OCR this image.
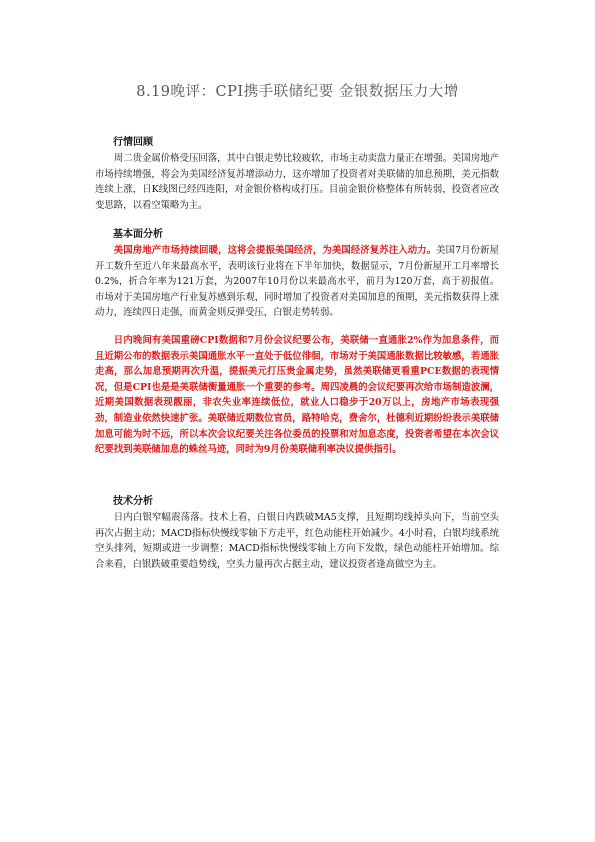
8.19晚评：CPI携手联储纪要 金银数据压力大增
行情回顾

周二贵金属价格受压回落，其中白银走势比较疲软，市场主动卖盘力量正在增强。美国房地产市场持续增强，将会为美国经济复苏增添动力，这亦增加了投资者对美联储的加息预期，美元指数连续上涨，日K线图已经四连阳，对金银价格构成打压。目前金银价格整体有所转弱，投资者应改变思路，以看空策略为主。

基本面分析

美国房地产市场持续回暖，这将会提振美国经济，为美国经济复苏注入动力。美国7月份新屋开工数升至近八年来最高水平，表明该行业将在下半年加快，数据显示，7月份新屋开工月率增长0.2%，折合年率为121万套，为2007年10月份以来最高水平，前月为120万套，高于初报值。市场对于美国房地产行业复苏感到乐观，同时增加了投资者对美国加息的预期，美元指数获得上涨动力，连续四日走强，而黄金则反弹受压，白银走势转弱。

日内晚间有美国重磅CPI数据和7月份会议纪要公布，美联储一直通胀2%作为加息条件，而且近期公布的数据表示美国通胀水平一直处于低位徘徊，市场对于美国通胀数据比较敏感，若通胀走高，那么加息预期再次升温，提振美元打压贵金属走势，虽然美联储更看重PCE数据的表现情况，但是CPI也是是美联储衡量通胀一个重要的参考。周四凌晨的会议纪要再次给市场制造波澜，近期美国数据表现靓丽，非农失业率连续低位，就业人口稳步于20万以上，房地产市场表现强劲，制造业依然快速扩张。美联储近期数位官员，路特哈克，费舍尔，杜德利近期纷纷表示美联储加息可能为时不远，所以本次会议纪要关注各位委员的投票和对加息态度，投资者希望在本次会议纪要找到美联储加息的蛛丝马迹，同时为9月份美联储利率决议提供指引。

技术分析

日内白银窄幅震荡落。技术上看，白银日内跌破MA5支撑，且短期均线掉头向下，当前空头再次占据主动；MACD指标快慢线零轴下方走平，红色动能柱开始减少。4小时看，白银均线系统空头排列，短期或进一步调整；MACD指标快慢线零轴上方向下发散，绿色动能柱开始增加。综合来看，白银跌破重要趋势线，空头力量再次占据主动，建议投资者逢高做空为主。
